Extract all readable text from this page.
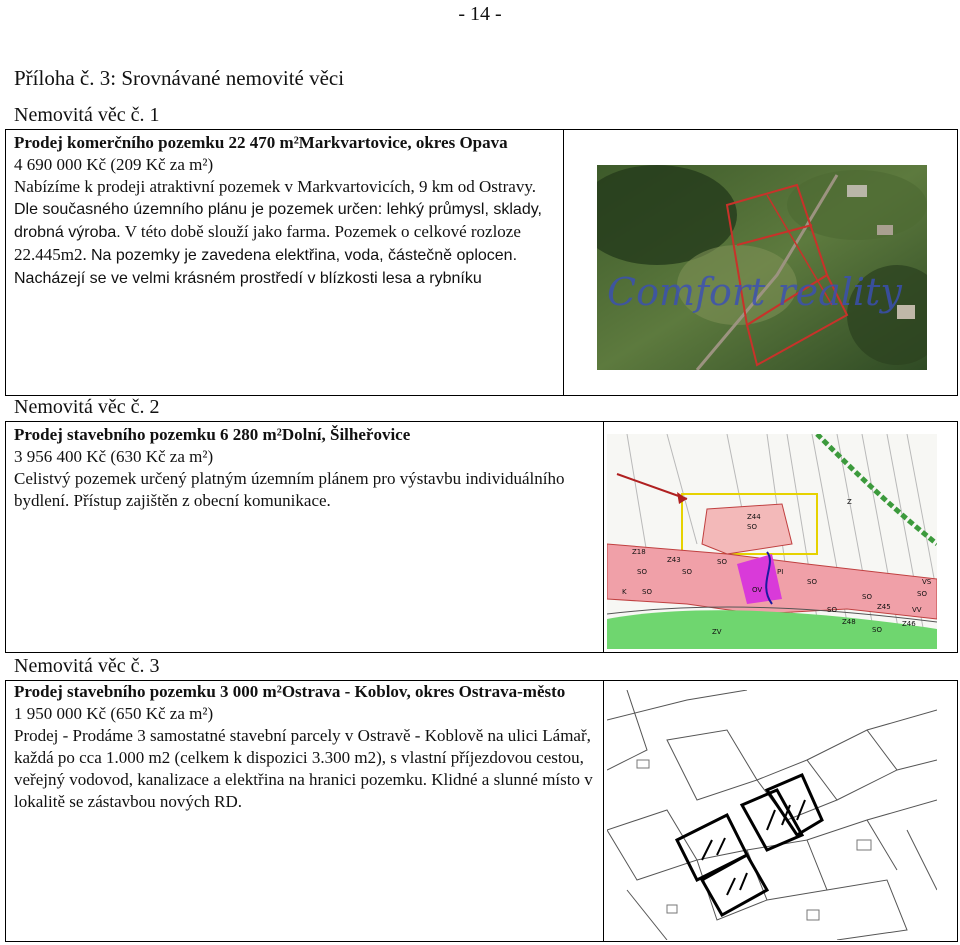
- 14 -
Příloha č. 3: Srovnávané nemovité věci
Nemovitá věc č. 1

Prodej komerčního pozemku 22 470 m²Markvartovice, okres Opava

4 690 000 Kč (209 Kč za m²)

Nabízíme k prodeji atraktivní pozemek v Markvartovicích, 9 km od Ostravy. Dle současného územního plánu je pozemek určen: lehký průmysl, sklady, drobná výroba. V této době slouží jako farma. Pozemek o celkové rozloze 22.445m2. Na pozemky je zavedena elektřina, voda, částečně oplocen. Nacházejí se ve velmi krásném prostředí v blízkosti lesa a rybníku	Comfort reality
Nemovitá věc č. 2

Prodej stavebního pozemku 6 280 m²Dolní, Šilheřovice

3 956 400 Kč (630 Kč za m²)

Celistvý pozemek určený platným územním plánem pro výstavbu individuálního bydlení. Přístup zajištěn z obecní komunikace.

Z44
SO
Z18
Z43
SO	SO
SO
PI
SO
OV
SO
ZV
Z45
Z48
SO
Z46
VS
SO
Z
K SO
VV
SO
Nemovitá věc č. 3

Prodej stavebního pozemku 3 000 m²Ostrava - Koblov, okres Ostrava-město

1 950 000 Kč (650 Kč za m²)

Prodej - Prodáme 3 samostatné stavební parcely v Ostravě - Koblově na ulici Lámař, každá po cca 1.000 m2 (celkem k dispozici 3.300 m2), s vlastní příjezdovou cestou, veřejný vodovod, kanalizace a elektřina na hranici pozemku. Klidné a slunné místo v lokalitě se zástavbou nových RD.
